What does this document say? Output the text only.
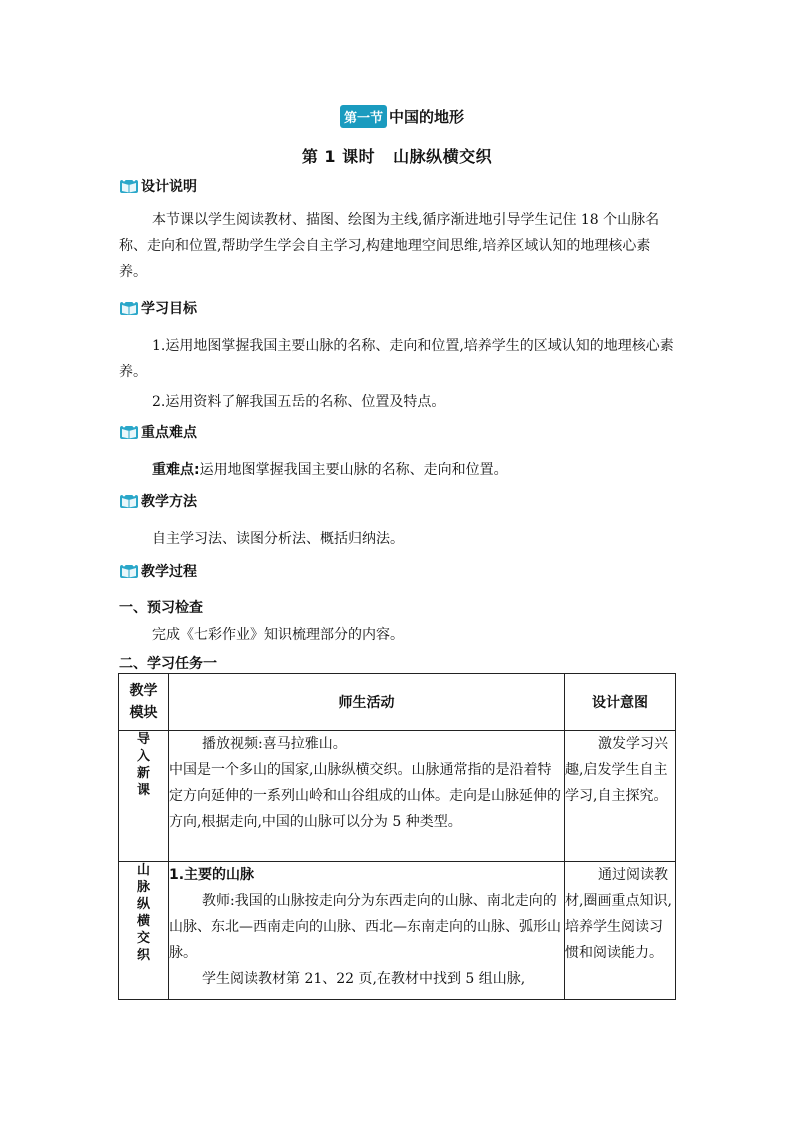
第一节 中国的地形
第 1 课时 山脉纵横交织
设计说明
本节课以学生阅读教材、描图、绘图为主线,循序渐进地引导学生记住 18 个山脉名称、走向和位置,帮助学生学会自主学习,构建地理空间思维,培养区域认知的地理核心素养。
学习目标
1.运用地图掌握我国主要山脉的名称、走向和位置,培养学生的区域认知的地理核心素养。
2.运用资料了解我国五岳的名称、位置及特点。
重点难点
重难点:运用地图掌握我国主要山脉的名称、走向和位置。
教学方法
自主学习法、读图分析法、概括归纳法。
教学过程
一、预习检查
完成《七彩作业》知识梳理部分的内容。
二、学习任务一
教学模块	师生活动	设计意图

导入新课	播放视频:喜马拉雅山。

中国是一个多山的国家,山脉纵横交织。山脉通常指的是沿着特定方向延伸的一系列山岭和山谷组成的山体。走向是山脉延伸的方向,根据走向,中国的山脉可以分为 5 种类型。	激发学习兴趣,启发学生自主学习,自主探究。

山脉纵横交织	1.主要的山脉

教师:我国的山脉按走向分为东西走向的山脉、南北走向的山脉、东北—西南走向的山脉、西北—东南走向的山脉、弧形山脉。

学生阅读教材第 21、22 页,在教材中找到 5 组山脉,	通过阅读教材,圈画重点知识,培养学生阅读习惯和阅读能力。
